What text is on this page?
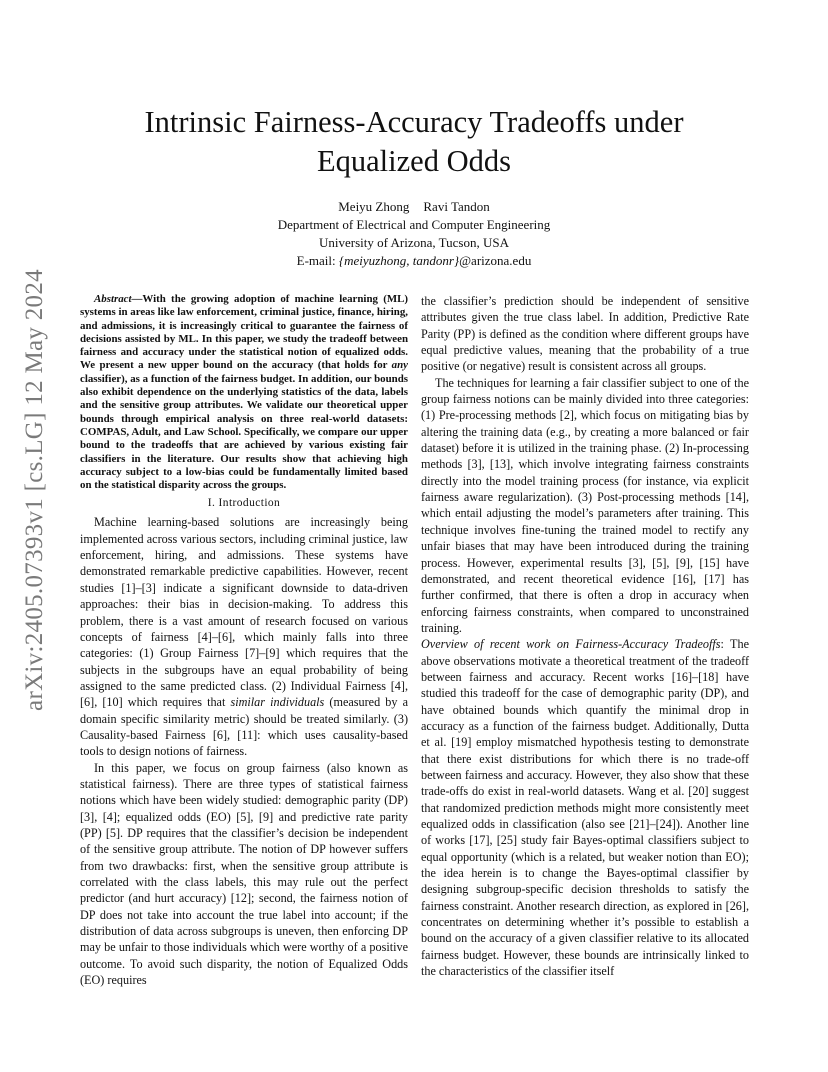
arXiv:2405.07393v1 [cs.LG] 12 May 2024
Intrinsic Fairness-Accuracy Tradeoffs under
Equalized Odds
Meiyu Zhong Ravi Tandon
Department of Electrical and Computer Engineering
University of Arizona, Tucson, USA
E-mail: {meiyuzhong, tandonr}@arizona.edu

Abstract—With the growing adoption of machine learning (ML) systems in areas like law enforcement, criminal justice, finance, hiring, and admissions, it is increasingly critical to guarantee the fairness of decisions assisted by ML. In this paper, we study the tradeoff between fairness and accuracy under the statistical notion of equalized odds. We present a new upper bound on the accuracy (that holds for any classifier), as a function of the fairness budget. In addition, our bounds also exhibit dependence on the underlying statistics of the data, labels and the sensitive group attributes. We validate our theoretical upper bounds through empirical analysis on three real-world datasets: COMPAS, Adult, and Law School. Specifically, we compare our upper bound to the tradeoffs that are achieved by various existing fair classifiers in the literature. Our results show that achieving high accuracy subject to a low-bias could be fundamentally limited based on the statistical disparity across the groups.

I. Introduction

Machine learning-based solutions are increasingly being implemented across various sectors, including criminal justice, law enforcement, hiring, and admissions. These systems have demonstrated remarkable predictive capabilities. However, recent studies [1]–[3] indicate a significant downside to data-driven approaches: their bias in decision-making. To address this problem, there is a vast amount of research focused on various concepts of fairness [4]–[6], which mainly falls into three categories: (1) Group Fairness [7]–[9] which requires that the subjects in the subgroups have an equal probability of being assigned to the same predicted class. (2) Individual Fairness [4], [6], [10] which requires that similar individuals (measured by a domain specific similarity metric) should be treated similarly. (3) Causality-based Fairness [6], [11]: which uses causality-based tools to design notions of fairness.

In this paper, we focus on group fairness (also known as statistical fairness). There are three types of statistical fairness notions which have been widely studied: demographic parity (DP) [3], [4]; equalized odds (EO) [5], [9] and predictive rate parity (PP) [5]. DP requires that the classifier’s decision be independent of the sensitive group attribute. The notion of DP however suffers from two drawbacks: first, when the sensitive group attribute is correlated with the class labels, this may rule out the perfect predictor (and hurt accuracy) [12]; second, the fairness notion of DP does not take into account the true label into account; if the distribution of data across subgroups is uneven, then enforcing DP may be unfair to those individuals which were worthy of a positive outcome. To avoid such disparity, the notion of Equalized Odds (EO) requires

the classifier’s prediction should be independent of sensitive attributes given the true class label. In addition, Predictive Rate Parity (PP) is defined as the condition where different groups have equal predictive values, meaning that the probability of a true positive (or negative) result is consistent across all groups.

The techniques for learning a fair classifier subject to one of the group fairness notions can be mainly divided into three categories: (1) Pre-processing methods [2], which focus on mitigating bias by altering the training data (e.g., by creating a more balanced or fair dataset) before it is utilized in the training phase. (2) In-processing methods [3], [13], which involve integrating fairness constraints directly into the model training process (for instance, via explicit fairness aware regularization). (3) Post-processing methods [14], which entail adjusting the model’s parameters after training. This technique involves fine-tuning the trained model to rectify any unfair biases that may have been introduced during the training process. However, experimental results [3], [5], [9], [15] have demonstrated, and recent theoretical evidence [16], [17] has further confirmed, that there is often a drop in accuracy when enforcing fairness constraints, when compared to unconstrained training.

Overview of recent work on Fairness-Accuracy Tradeoffs: The above observations motivate a theoretical treatment of the tradeoff between fairness and accuracy. Recent works [16]–[18] have studied this tradeoff for the case of demographic parity (DP), and have obtained bounds which quantify the minimal drop in accuracy as a function of the fairness budget. Additionally, Dutta et al. [19] employ mismatched hypothesis testing to demonstrate that there exist distributions for which there is no trade-off between fairness and accuracy. However, they also show that these trade-offs do exist in real-world datasets. Wang et al. [20] suggest that randomized prediction methods might more consistently meet equalized odds in classification (also see [21]–[24]). Another line of works [17], [25] study fair Bayes-optimal classifiers subject to equal opportunity (which is a related, but weaker notion than EO); the idea herein is to change the Bayes-optimal classifier by designing subgroup-specific decision thresholds to satisfy the fairness constraint. Another research direction, as explored in [26], concentrates on determining whether it’s possible to establish a bound on the accuracy of a given classifier relative to its allocated fairness budget. However, these bounds are intrinsically linked to the characteristics of the classifier itself
